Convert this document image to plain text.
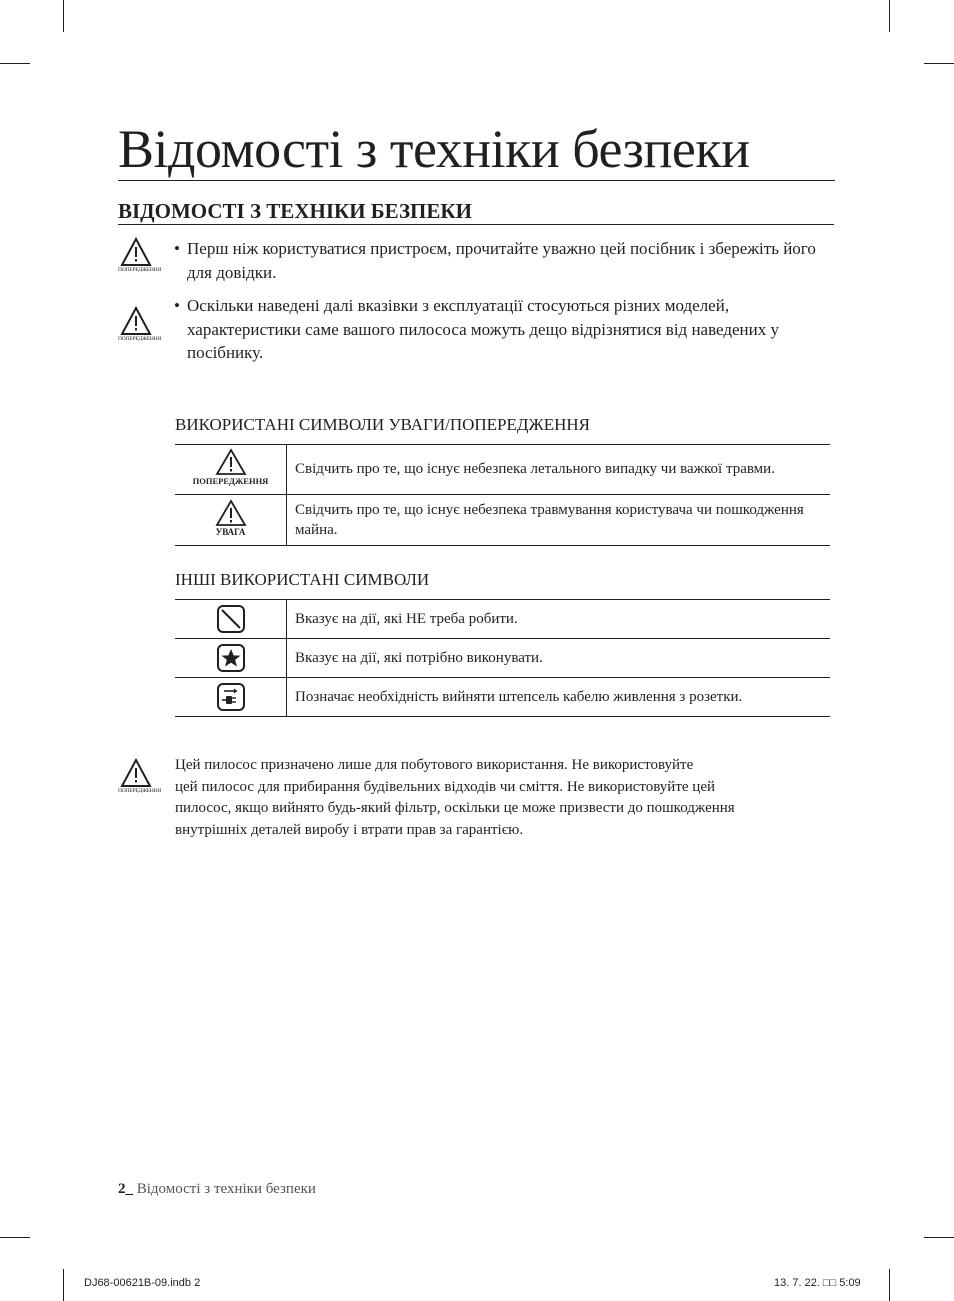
Відомості з техніки безпеки
ВІДОМОСТІ З ТЕХНІКИ БЕЗПЕКИ
ПОПЕРЕДЖЕННЯ
• Перш ніж користуватися пристроєм, прочитайте уважно цей посібник і збережіть його для довідки.
ПОПЕРЕДЖЕННЯ
• Оскільки наведені далі вказівки з експлуатації стосуються різних моделей, характеристики саме вашого пилососа можуть дещо відрізнятися від наведених у посібнику.
ВИКОРИСТАНІ СИМВОЛИ УВАГИ/ПОПЕРЕДЖЕННЯ
ПОПЕРЕДЖЕННЯ	Свідчить про те, що існує небезпека летального випадку чи важкої травми.

УВАГА	Свідчить про те, що існує небезпека травмування користувача чи пошкодження майна.
ІНШІ ВИКОРИСТАНІ СИМВОЛИ
	Вказує на дії, які НЕ треба робити.

	Вказує на дії, які потрібно виконувати.

	Позначає необхідність вийняти штепсель кабелю живлення з розетки.
ПОПЕРЕДЖЕННЯ
Цей пилосос призначено лише для побутового використання. Не використовуйте
цей пилосос для прибирання будівельних відходів чи сміття. Не використовуйте цей
пилосос, якщо вийнято будь-який фільтр, оскільки це може призвести до пошкодження
внутрішніх деталей виробу і втрати прав за гарантією.
2_ Відомості з техніки безпеки
DJ68-00621B-09.indb 2	13. 7. 22. □□ 5:09
